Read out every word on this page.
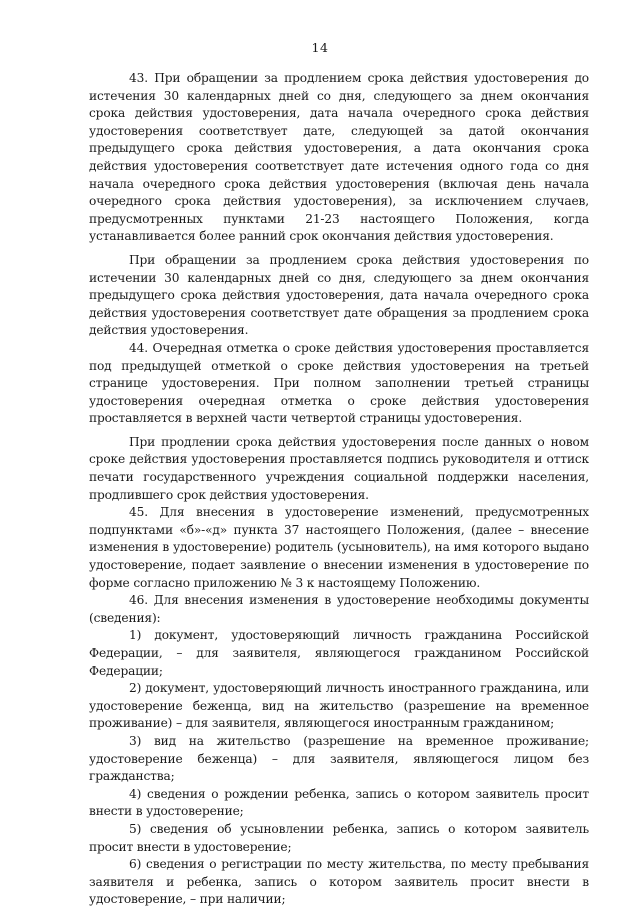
14

43. При обращении за продлением срока действия удостоверения до истечения 30 календарных дней со дня, следующего за днем окончания срока действия удостоверения, дата начала очередного срока действия удостоверения соответствует дате, следующей за датой окончания предыдущего срока действия удостоверения, а дата окончания срока действия удостоверения соответствует дате истечения одного года со дня начала очередного срока действия удостоверения (включая день начала очередного срока действия удостоверения), за исключением случаев, предусмотренных пунктами 21-23 настоящего Положения, когда устанавливается более ранний срок окончания действия удостоверения.

При обращении за продлением срока действия удостоверения по истечении 30 календарных дней со дня, следующего за днем окончания предыдущего срока действия удостоверения, дата начала очередного срока действия удостоверения соответствует дате обращения за продлением срока действия удостоверения.

44. Очередная отметка о сроке действия удостоверения проставляется под предыдущей отметкой о сроке действия удостоверения на третьей странице удостоверения. При полном заполнении третьей страницы удостоверения очередная отметка о сроке действия удостоверения проставляется в верхней части четвертой страницы удостоверения.

При продлении срока действия удостоверения после данных о новом сроке действия удостоверения проставляется подпись руководителя и оттиск печати государственного учреждения социальной поддержки населения, продлившего срок действия удостоверения.

45. Для внесения в удостоверение изменений, предусмотренных подпунктами «б»-«д» пункта 37 настоящего Положения, (далее – внесение изменения в удостоверение) родитель (усыновитель), на имя которого выдано удостоверение, подает заявление о внесении изменения в удостоверение по форме согласно приложению № 3 к настоящему Положению.

46. Для внесения изменения в удостоверение необходимы документы (сведения):

1) документ, удостоверяющий личность гражданина Российской Федерации, – для заявителя, являющегося гражданином Российской Федерации;

2) документ, удостоверяющий личность иностранного гражданина, или удостоверение беженца, вид на жительство (разрешение на временное проживание) – для заявителя, являющегося иностранным гражданином;

3) вид на жительство (разрешение на временное проживание; удостоверение беженца) – для заявителя, являющегося лицом без гражданства;

4) сведения о рождении ребенка, запись о котором заявитель просит внести в удостоверение;

5) сведения об усыновлении ребенка, запись о котором заявитель просит внести в удостоверение;

6) сведения о регистрации по месту жительства, по месту пребывания заявителя и ребенка, запись о котором заявитель просит внести в удостоверение, – при наличии;
